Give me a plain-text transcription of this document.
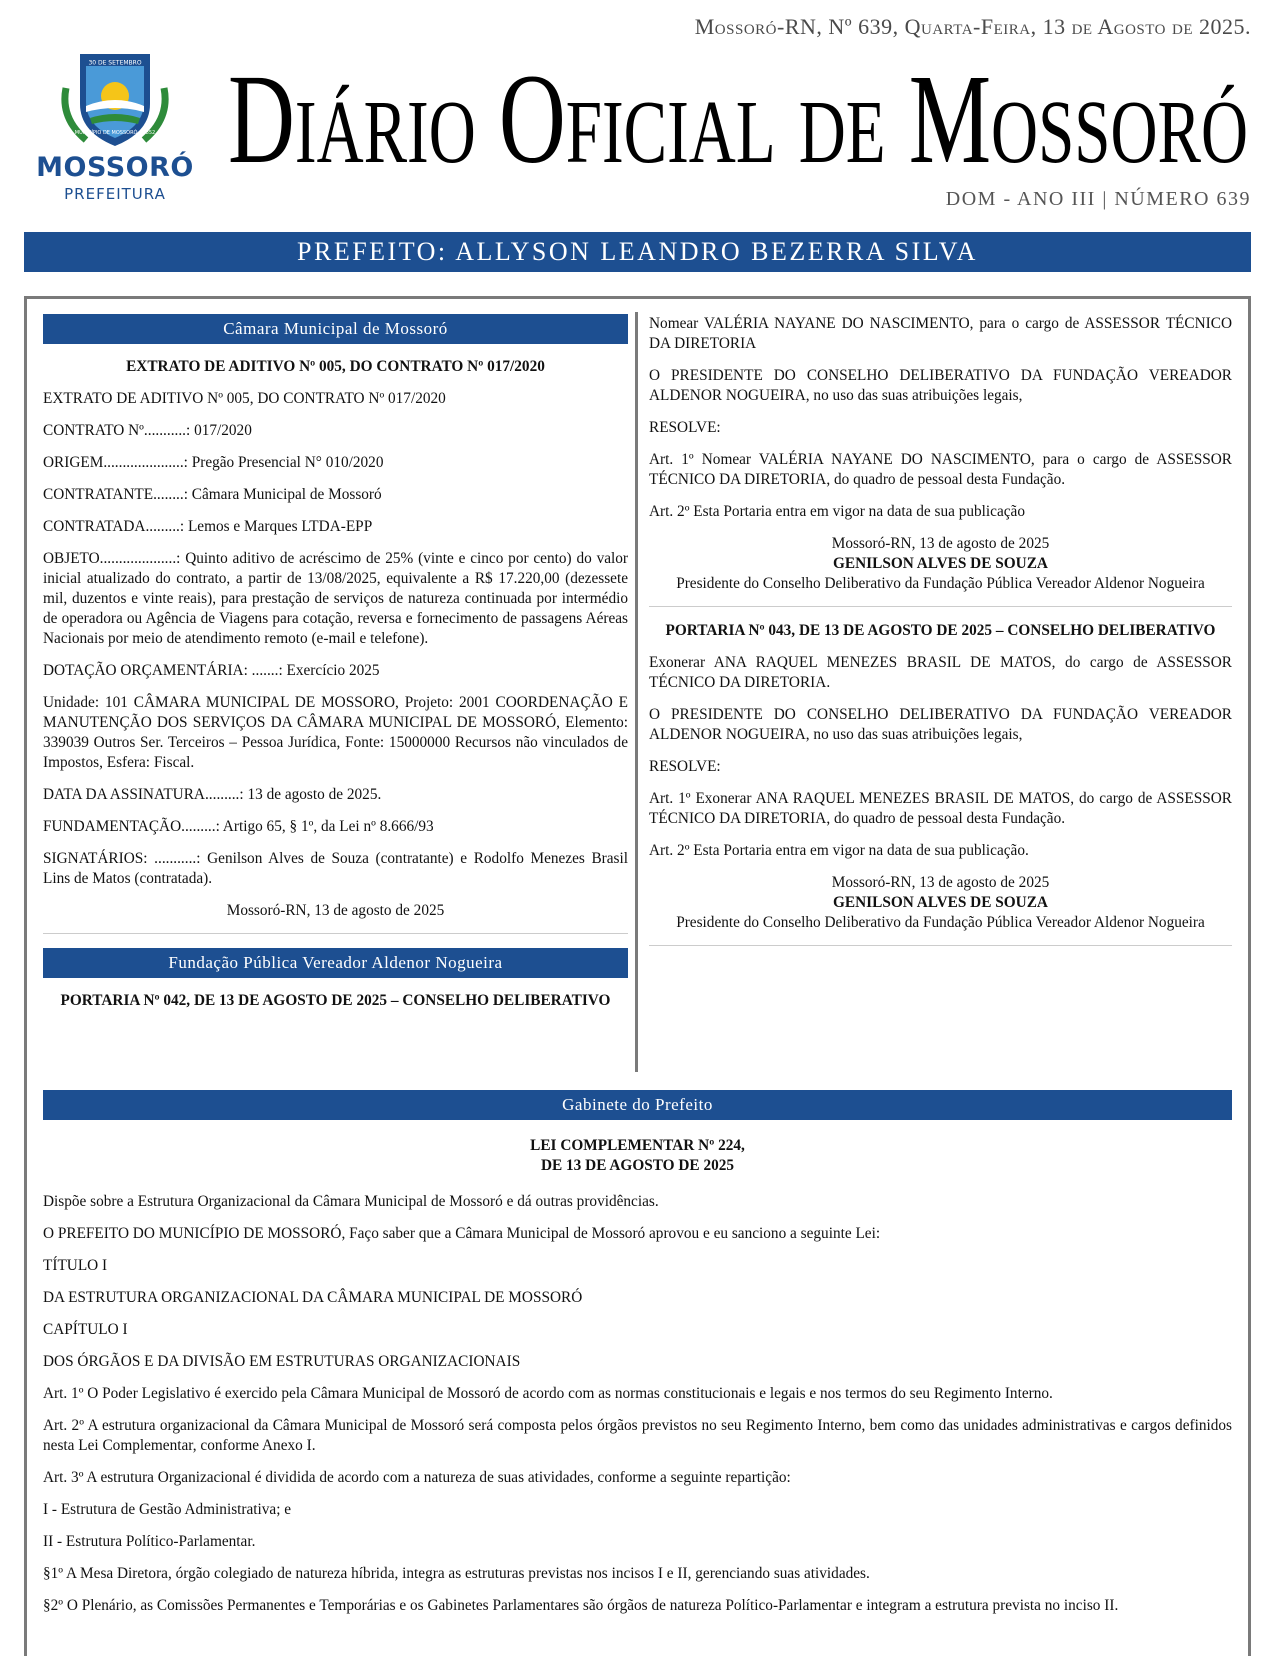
Mossoró-RN, Nº 639, Quarta-Feira, 13 de Agosto de 2025.
30 DE SETEMBRO
MUNICÍPIO DE MOSSORÓ - 1852
MOSSORÓ
PREFEITURA
Diário Oficial de Mossoró
DOM - ANO III | NÚMERO 639
PREFEITO: ALLYSON LEANDRO BEZERRA SILVA
Câmara Municipal de Mossoró
EXTRATO DE ADITIVO Nº 005, DO CONTRATO Nº 017/2020

EXTRATO DE ADITIVO Nº 005, DO CONTRATO Nº 017/2020

CONTRATO Nº...........: 017/2020

ORIGEM.....................: Pregão Presencial N° 010/2020

CONTRATANTE........: Câmara Municipal de Mossoró

CONTRATADA.........: Lemos e Marques LTDA-EPP

OBJETO....................: Quinto aditivo de acréscimo de 25% (vinte e cinco por cento) do valor inicial atualizado do contrato, a partir de 13/08/2025, equivalente a R$ 17.220,00 (dezessete mil, duzentos e vinte reais), para prestação de serviços de natureza continuada por intermédio de operadora ou Agência de Viagens para cotação, reversa e fornecimento de passagens Aéreas Nacionais por meio de atendimento remoto (e-mail e telefone).

DOTAÇÃO ORÇAMENTÁRIA: .......: Exercício 2025

Unidade: 101 CÂMARA MUNICIPAL DE MOSSORO, Projeto: 2001 COORDENAÇÃO E MANUTENÇÃO DOS SERVIÇOS DA CÂMARA MUNICIPAL DE MOSSORÓ, Elemento: 339039 Outros Ser. Terceiros – Pessoa Jurídica, Fonte: 15000000 Recursos não vinculados de Impostos, Esfera: Fiscal.

DATA DA ASSINATURA.........: 13 de agosto de 2025.

FUNDAMENTAÇÃO.........: Artigo 65, § 1º, da Lei nº 8.666/93

SIGNATÁRIOS: ...........: Genilson Alves de Souza (contratante) e Rodolfo Menezes Brasil Lins de Matos (contratada).

Mossoró-RN, 13 de agosto de 2025
Fundação Pública Vereador Aldenor Nogueira
PORTARIA Nº 042, DE 13 DE AGOSTO DE 2025 – CONSELHO DELIBERATIVO

Nomear VALÉRIA NAYANE DO NASCIMENTO, para o cargo de ASSESSOR TÉCNICO DA DIRETORIA

O PRESIDENTE DO CONSELHO DELIBERATIVO DA FUNDAÇÃO VEREADOR ALDENOR NOGUEIRA, no uso das suas atribuições legais,

RESOLVE:

Art. 1º Nomear VALÉRIA NAYANE DO NASCIMENTO, para o cargo de ASSESSOR TÉCNICO DA DIRETORIA, do quadro de pessoal desta Fundação.

Art. 2º Esta Portaria entra em vigor na data de sua publicação

Mossoró-RN, 13 de agosto de 2025
GENILSON ALVES DE SOUZA
Presidente do Conselho Deliberativo da Fundação Pública Vereador Aldenor Nogueira
PORTARIA Nº 043, DE 13 DE AGOSTO DE 2025 – CONSELHO DELIBERATIVO

Exonerar ANA RAQUEL MENEZES BRASIL DE MATOS, do cargo de ASSESSOR TÉCNICO DA DIRETORIA.

O PRESIDENTE DO CONSELHO DELIBERATIVO DA FUNDAÇÃO VEREADOR ALDENOR NOGUEIRA, no uso das suas atribuições legais,

RESOLVE:

Art. 1º Exonerar ANA RAQUEL MENEZES BRASIL DE MATOS, do cargo de ASSESSOR TÉCNICO DA DIRETORIA, do quadro de pessoal desta Fundação.

Art. 2º Esta Portaria entra em vigor na data de sua publicação.

Mossoró-RN, 13 de agosto de 2025
GENILSON ALVES DE SOUZA
Presidente do Conselho Deliberativo da Fundação Pública Vereador Aldenor Nogueira
Gabinete do Prefeito
LEI COMPLEMENTAR Nº 224,
DE 13 DE AGOSTO DE 2025

Dispõe sobre a Estrutura Organizacional da Câmara Municipal de Mossoró e dá outras providências.

O PREFEITO DO MUNICÍPIO DE MOSSORÓ, Faço saber que a Câmara Municipal de Mossoró aprovou e eu sanciono a seguinte Lei:

TÍTULO I

DA ESTRUTURA ORGANIZACIONAL DA CÂMARA MUNICIPAL DE MOSSORÓ

CAPÍTULO I

DOS ÓRGÃOS E DA DIVISÃO EM ESTRUTURAS ORGANIZACIONAIS

Art. 1º O Poder Legislativo é exercido pela Câmara Municipal de Mossoró de acordo com as normas constitucionais e legais e nos termos do seu Regimento Interno.

Art. 2º A estrutura organizacional da Câmara Municipal de Mossoró será composta pelos órgãos previstos no seu Regimento Interno, bem como das unidades administrativas e cargos definidos nesta Lei Complementar, conforme Anexo I.

Art. 3º A estrutura Organizacional é dividida de acordo com a natureza de suas atividades, conforme a seguinte repartição:

I - Estrutura de Gestão Administrativa; e

II - Estrutura Político-Parlamentar.

§1º A Mesa Diretora, órgão colegiado de natureza híbrida, integra as estruturas previstas nos incisos I e II, gerenciando suas atividades.

§2º O Plenário, as Comissões Permanentes e Temporárias e os Gabinetes Parlamentares são órgãos de natureza Político-Parlamentar e integram a estrutura prevista no inciso II.
